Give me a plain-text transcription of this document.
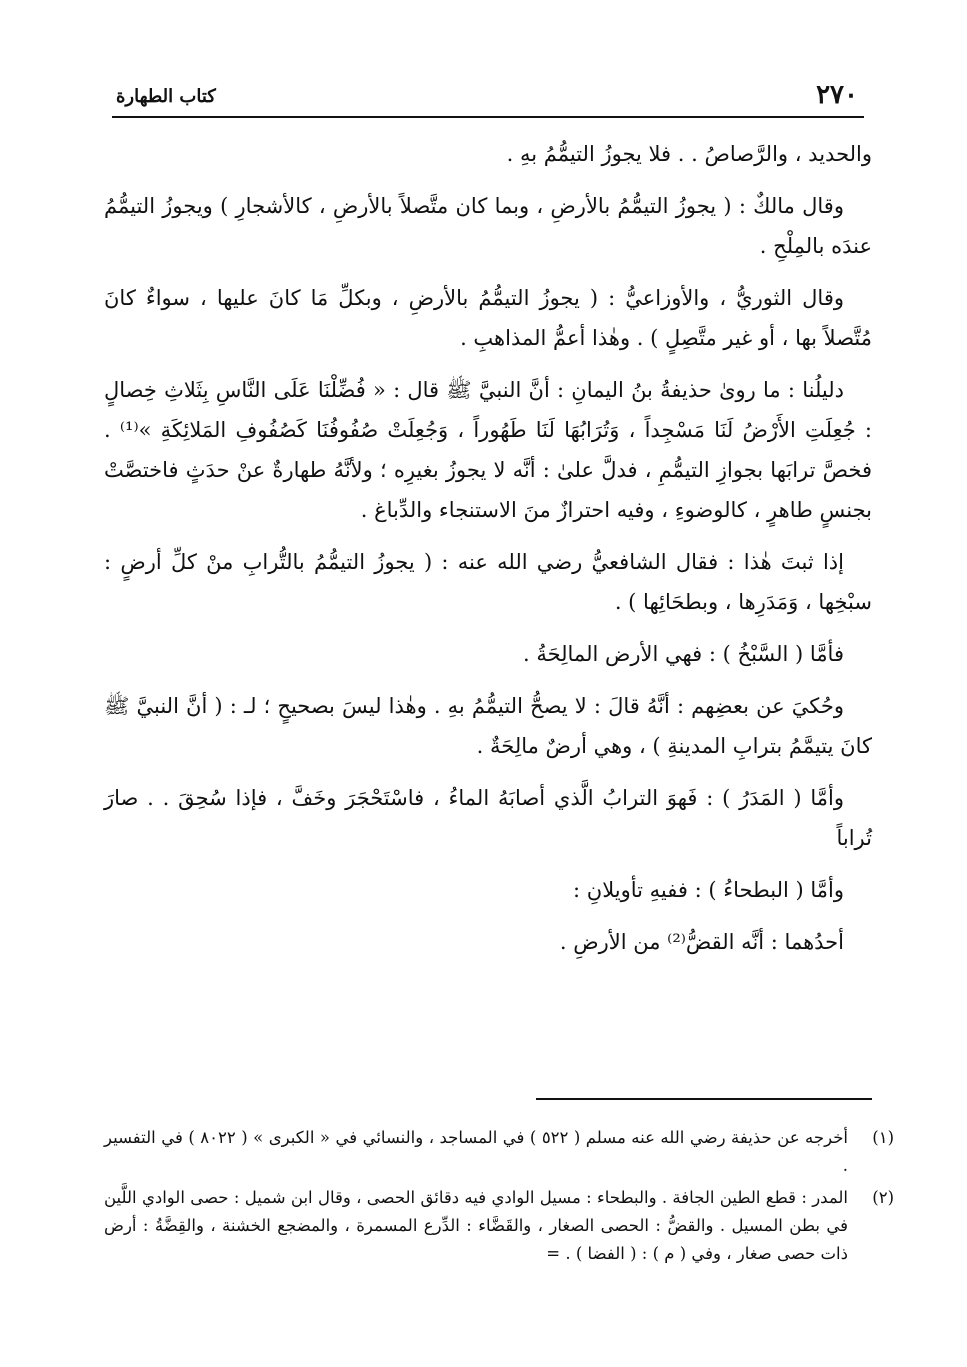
٢٧٠
كتاب الطهارة

والحديد ، والرَّصاصُ . . فلا يجوزُ التيمُّمُ بهِ .

وقال مالكٌ : ( يجوزُ التيمُّمُ بالأرضِ ، وبما كان متَّصلاً بالأرضِ ، كالأشجارِ ) ويجوزُ التيمُّمُ عندَه بالمِلْحِ .

وقال الثوريُّ ، والأوزاعيُّ : ( يجوزُ التيمُّمُ بالأرضِ ، وبكلِّ مَا كانَ عليها ، سواءٌ كانَ مُتَّصلاً بها ، أو غير متَّصِلٍ ) . وهٰذا أعمُّ المذاهبِ .

دليلُنا : ما روىٰ حذيفةُ بنُ اليمانِ : أنَّ النبيَّ ﷺ قال : « فُضِّلْنَا عَلَى النَّاسِ بِثَلاثِ خِصالٍ : جُعِلَتِ الأَرْضُ لَنَا مَسْجِداً ، وَتُرَابُهَا لَنَا طَهُوراً ، وَجُعِلَتْ صُفُوفُنَا كَصُفُوفِ المَلائِكَةِ »⁽¹⁾ . فخصَّ ترابَها بجوازِ التيمُّمِ ، فدلَّ علىٰ : أنَّه لا يجوزُ بغيرِه ؛ ولأنَّهُ طهارةٌ عنْ حدَثٍ فاختصَّتْ بجنسٍ طاهرٍ ، كالوضوءِ ، وفيه احترازٌ منَ الاستنجاء والدِّباغ .

إذا ثبتَ هٰذا : فقال الشافعيُّ رضي الله عنه : ( يجوزُ التيمُّمُ بالتُّرابِ منْ كلِّ أرضٍ : سبْخِها ، وَمَدَرِها ، وبطحَائِها ) .

فأمَّا ( السَّبْخُ ) : فهي الأرض المالِحَةُ .

وحُكيَ عن بعضِهم : أنَّهُ قالَ : لا يصحُّ التيمُّمُ بهِ . وهٰذا ليسَ بصحيحٍ ؛ لـ : ( أنَّ النبيَّ ﷺ كانَ يتيمَّمُ بترابِ المدينةِ ) ، وهي أرضٌ مالِحَةٌ .

وأمَّا ( المَدَرُ ) : فَهوَ الترابُ الَّذي أصابَهُ الماءُ ، فاسْتَحْجَرَ وخَفَّ ، فإذا سُحِقَ . . صارَ تُراباً

وأمَّا ( البطحاءُ ) : ففيهِ تأويلانِ :

أحدُهما : أنَّه القضُّ⁽²⁾ من الأرضِ .

(١)
أخرجه عن حذيفة رضي الله عنه مسلم ( ٥٢٢ ) في المساجد ، والنسائي في « الكبرى » ( ٨٠٢٢ ) في التفسير .
(٢)
المدر : قطع الطين الجافة . والبطحاء : مسيل الوادي فيه دقائق الحصى ، وقال ابن شميل : حصى الوادي اللَّين في بطن المسيل . والقضُّ : الحصى الصغار ، والقَضَّاء : الدِّرع المسمرة ، والمضجع الخشنة ، والقِضَّةُ : أرض ذات حصى صغار ، وفي ( م ) : ( الفضا ) . =
